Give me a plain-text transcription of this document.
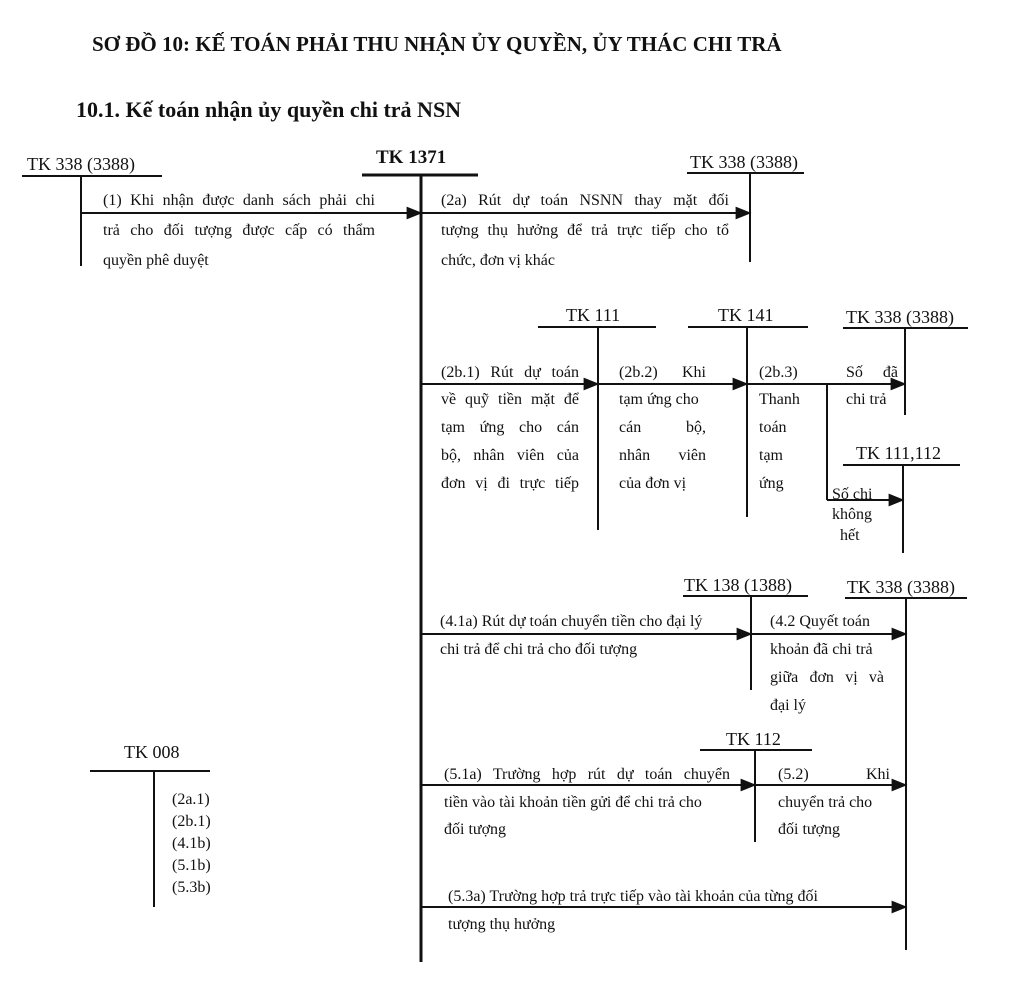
SƠ ĐỒ 10: KẾ TOÁN PHẢI THU NHẬN ỦY QUYỀN, ỦY THÁC CHI TRẢ
10.1. Kế toán nhận ủy quyền chi trả NSN
TK 338 (3388)	TK 1371	TK 338 (3388)
TK 111	TK 141	TK 338 (3388)
TK 111,112
TK 138 (1388)	TK 338 (3388)
TK 112
TK 008
(1) Khi nhận được danh sách phải chi
trả cho đối tượng được cấp có thẩm
quyền phê duyệt
(2a) Rút dự toán NSNN thay mặt đối
tượng thụ hưởng để trả trực tiếp cho tổ
chức, đơn vị khác
(2b.1) Rút dự toán
về quỹ tiền mặt để
tạm ứng cho cán
bộ, nhân viên của
đơn vị đi trực tiếp
(2b.2) Khi
tạm ứng cho
cán bộ,
nhân viên
của đơn vị
(2b.3)
Thanh
toán
tạm
ứng
Số đã
chi trả
Số chi
không
hết
(4.1a) Rút dự toán chuyển tiền cho đại lý
chi trả để chi trả cho đối tượng
(4.2 Quyết toán
khoản đã chi trả
giữa đơn vị và
đại lý
(5.1a) Trường hợp rút dự toán chuyển
tiền vào tài khoản tiền gửi để chi trả cho
đối tượng
(5.2) Khi
chuyển trả cho
đối tượng
(5.3a) Trường hợp trả trực tiếp vào tài khoản của từng đối
tượng thụ hưởng
(2a.1)
(2b.1)
(4.1b)
(5.1b)
(5.3b)
